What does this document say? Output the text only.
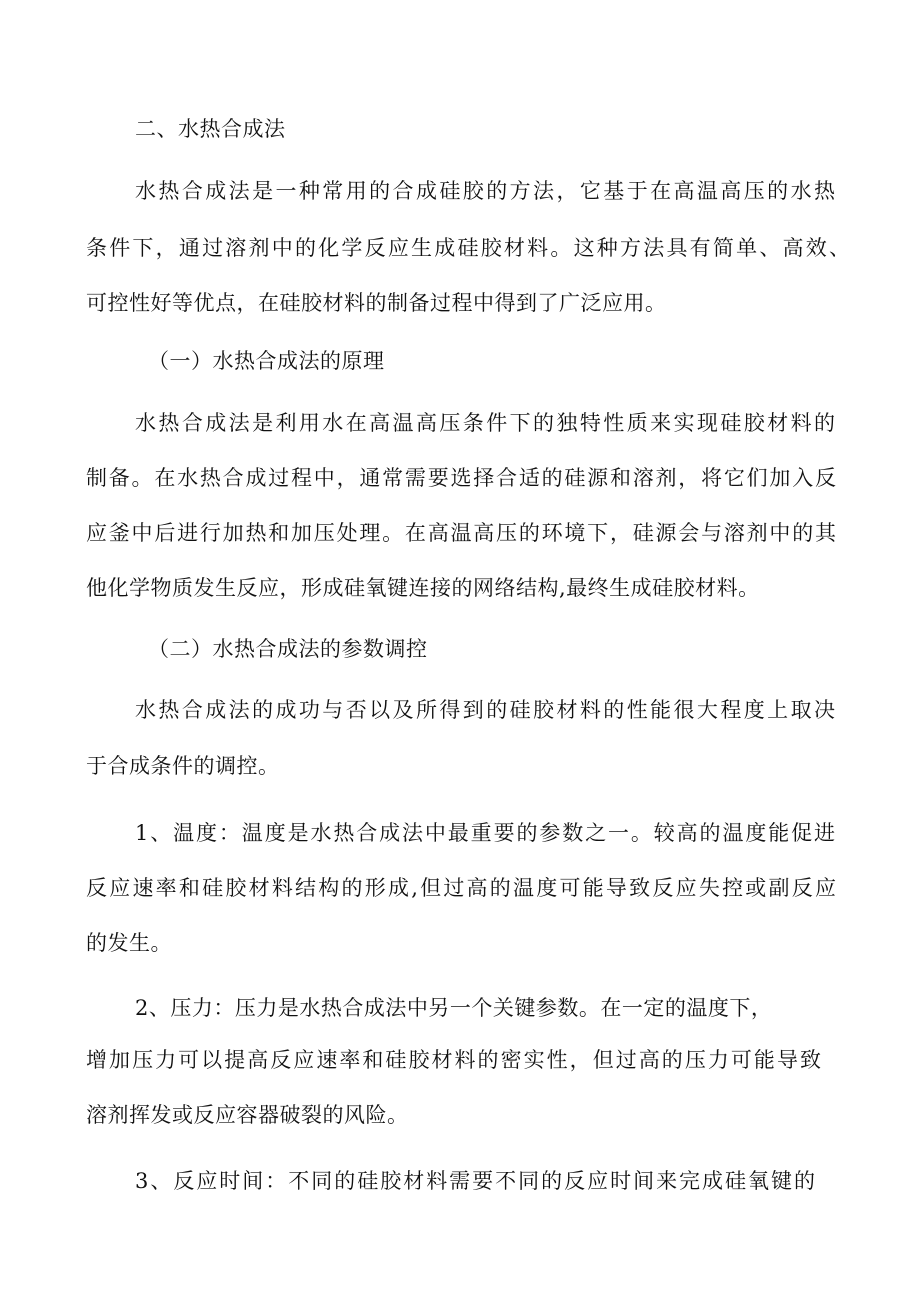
二、水热合成法
水热合成法是一种常用的合成硅胶的方法，它基于在高温高压的水热
条件下，通过溶剂中的化学反应生成硅胶材料。这种方法具有简单、高效、
可控性好等优点，在硅胶材料的制备过程中得到了广泛应用。
（一）水热合成法的原理
水热合成法是利用水在高温高压条件下的独特性质来实现硅胶材料的
制备。在水热合成过程中，通常需要选择合适的硅源和溶剂，将它们加入反
应釜中后进行加热和加压处理。在高温高压的环境下，硅源会与溶剂中的其
他化学物质发生反应，形成硅氧键连接的网络结构,最终生成硅胶材料。
（二）水热合成法的参数调控
水热合成法的成功与否以及所得到的硅胶材料的性能很大程度上取决
于合成条件的调控。
1、温度：温度是水热合成法中最重要的参数之一。较高的温度能促进
反应速率和硅胶材料结构的形成,但过高的温度可能导致反应失控或副反应
的发生。
2、压力：压力是水热合成法中另一个关键参数。在一定的温度下，
增加压力可以提高反应速率和硅胶材料的密实性，但过高的压力可能导致
溶剂挥发或反应容器破裂的风险。
3、反应时间：不同的硅胶材料需要不同的反应时间来完成硅氧键的
